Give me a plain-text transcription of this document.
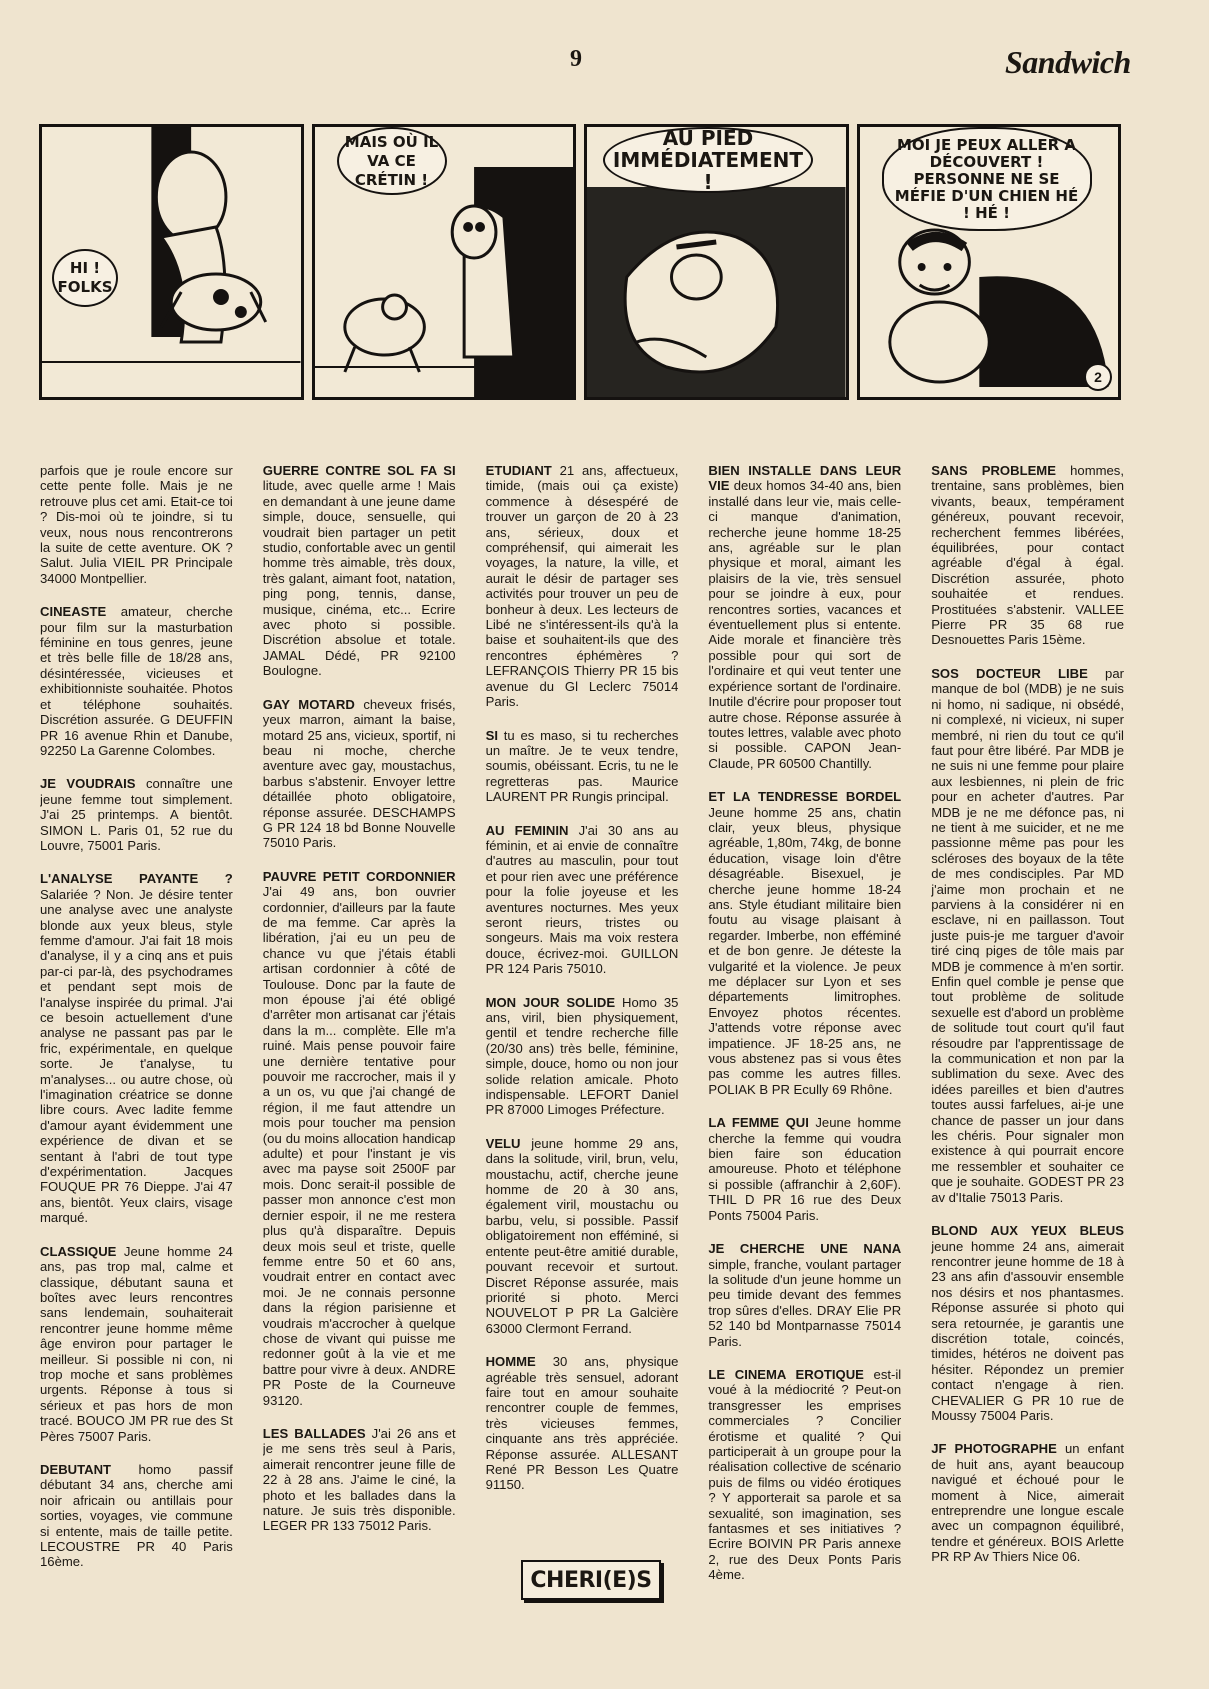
9	Sandwich
HI ! FOLKS
MAIS OÙ IL VA CE CRÉTIN !
AU PIED IMMÉDIATEMENT !
MOI JE PEUX ALLER A DÉCOUVERT ! PERSONNE NE SE MÉFIE D'UN CHIEN HÉ ! HÉ !
2

parfois que je roule encore sur cette pente folle. Mais je ne retrouve plus cet ami. Etait-ce toi ? Dis-moi où te joindre, si tu veux, nous nous rencontrerons la suite de cette aventure. OK ? Salut. Julia VIEIL PR Principale 34000 Montpellier.

CINEASTE amateur, cherche pour film sur la masturbation féminine en tous genres, jeune et très belle fille de 18/28 ans, désintéressée, vicieuses et exhibitionniste souhaitée. Photos et téléphone souhaités. Discrétion assurée. G DEUFFIN PR 16 avenue Rhin et Danube, 92250 La Garenne Colombes.

JE VOUDRAIS connaître une jeune femme tout simplement. J'ai 25 printemps. A bientôt. SIMON L. Paris 01, 52 rue du Louvre, 75001 Paris.

L'ANALYSE PAYANTE ? Salariée ? Non. Je désire tenter une analyse avec une analyste blonde aux yeux bleus, style femme d'amour. J'ai fait 18 mois d'analyse, il y a cinq ans et puis par-ci par-là, des psychodrames et pendant sept mois de l'analyse inspirée du primal. J'ai ce besoin actuellement d'une analyse ne passant pas par le fric, expérimentale, en quelque sorte. Je t'analyse, tu m'analyses... ou autre chose, où l'imagination créatrice se donne libre cours. Avec ladite femme d'amour ayant évidemment une expérience de divan et se sentant à l'abri de tout type d'expérimentation. Jacques FOUQUE PR 76 Dieppe. J'ai 47 ans, bientôt. Yeux clairs, visage marqué.

CLASSIQUE Jeune homme 24 ans, pas trop mal, calme et classique, débutant sauna et boîtes avec leurs rencontres sans lendemain, souhaiterait rencontrer jeune homme même âge environ pour partager le meilleur. Si possible ni con, ni trop moche et sans problèmes urgents. Réponse à tous si sérieux et pas hors de mon tracé. BOUCO JM PR rue des St Pères 75007 Paris.

DEBUTANT homo passif débutant 34 ans, cherche ami noir africain ou antillais pour sorties, voyages, vie commune si entente, mais de taille petite. LECOUSTRE PR 40 Paris 16ème.

GUERRE CONTRE SOL FA SI litude, avec quelle arme ! Mais en demandant à une jeune dame simple, douce, sensuelle, qui voudrait bien partager un petit studio, confortable avec un gentil homme très aimable, très doux, très galant, aimant foot, natation, ping pong, tennis, danse, musique, cinéma, etc... Ecrire avec photo si possible. Discrétion absolue et totale. JAMAL Dédé, PR 92100 Boulogne.

GAY MOTARD cheveux frisés, yeux marron, aimant la baise, motard 25 ans, vicieux, sportif, ni beau ni moche, cherche aventure avec gay, moustachus, barbus s'abstenir. Envoyer lettre détaillée photo obligatoire, réponse assurée. DESCHAMPS G PR 124 18 bd Bonne Nouvelle 75010 Paris.

PAUVRE PETIT CORDONNIER J'ai 49 ans, bon ouvrier cordonnier, d'ailleurs par la faute de ma femme. Car après la libération, j'ai eu un peu de chance vu que j'étais établi artisan cordonnier à côté de Toulouse. Donc par la faute de mon épouse j'ai été obligé d'arrêter mon artisanat car j'étais dans la m... complète. Elle m'a ruiné. Mais pense pouvoir faire une dernière tentative pour pouvoir me raccrocher, mais il y a un os, vu que j'ai changé de région, il me faut attendre un mois pour toucher ma pension (ou du moins allocation handicap adulte) et pour l'instant je vis avec ma payse soit 2500F par mois. Donc serait-il possible de passer mon annonce c'est mon dernier espoir, il ne me restera plus qu'à disparaître. Depuis deux mois seul et triste, quelle femme entre 50 et 60 ans, voudrait entrer en contact avec moi. Je ne connais personne dans la région parisienne et voudrais m'accrocher à quelque chose de vivant qui puisse me redonner goût à la vie et me battre pour vivre à deux. ANDRE PR Poste de la Courneuve 93120.

LES BALLADES J'ai 26 ans et je me sens très seul à Paris, aimerait rencontrer jeune fille de 22 à 28 ans. J'aime le ciné, la photo et les ballades dans la nature. Je suis très disponible. LEGER PR 133 75012 Paris.

ETUDIANT 21 ans, affectueux, timide, (mais oui ça existe) commence à désespéré de trouver un garçon de 20 à 23 ans, sérieux, doux et compréhensif, qui aimerait les voyages, la nature, la ville, et aurait le désir de partager ses activités pour trouver un peu de bonheur à deux. Les lecteurs de Libé ne s'intéressent-ils qu'à la baise et souhaitent-ils que des rencontres éphémères ? LEFRANÇOIS Thierry PR 15 bis avenue du Gl Leclerc 75014 Paris.

SI tu es maso, si tu recherches un maître. Je te veux tendre, soumis, obéissant. Ecris, tu ne le regretteras pas. Maurice LAURENT PR Rungis principal.

AU FEMININ J'ai 30 ans au féminin, et ai envie de connaître d'autres au masculin, pour tout et pour rien avec une préférence pour la folie joyeuse et les aventures nocturnes. Mes yeux seront rieurs, tristes ou songeurs. Mais ma voix restera douce, écrivez-moi. GUILLON PR 124 Paris 75010.

MON JOUR SOLIDE Homo 35 ans, viril, bien physiquement, gentil et tendre recherche fille (20/30 ans) très belle, féminine, simple, douce, homo ou non jour solide relation amicale. Photo indispensable. LEFORT Daniel PR 87000 Limoges Préfecture.

VELU jeune homme 29 ans, dans la solitude, viril, brun, velu, moustachu, actif, cherche jeune homme de 20 à 30 ans, également viril, moustachu ou barbu, velu, si possible. Passif obligatoirement non efféminé, si entente peut-être amitié durable, pouvant recevoir et surtout. Discret Réponse assurée, mais priorité si photo. Merci NOUVELOT P PR La Galcière 63000 Clermont Ferrand.

HOMME 30 ans, physique agréable très sensuel, adorant faire tout en amour souhaite rencontrer couple de femmes, très vicieuses femmes, cinquante ans très appréciée. Réponse assurée. ALLESANT René PR Besson Les Quatre 91150.

BIEN INSTALLE DANS LEUR VIE deux homos 34-40 ans, bien installé dans leur vie, mais celle-ci manque d'animation, recherche jeune homme 18-25 ans, agréable sur le plan physique et moral, aimant les plaisirs de la vie, très sensuel pour se joindre à eux, pour rencontres sorties, vacances et éventuellement plus si entente. Aide morale et financière très possible pour qui sort de l'ordinaire et qui veut tenter une expérience sortant de l'ordinaire. Inutile d'écrire pour proposer tout autre chose. Réponse assurée à toutes lettres, valable avec photo si possible. CAPON Jean-Claude, PR 60500 Chantilly.

ET LA TENDRESSE BORDEL Jeune homme 25 ans, chatin clair, yeux bleus, physique agréable, 1,80m, 74kg, de bonne éducation, visage loin d'être désagréable. Bisexuel, je cherche jeune homme 18-24 ans. Style étudiant militaire bien foutu au visage plaisant à regarder. Imberbe, non efféminé et de bon genre. Je déteste la vulgarité et la violence. Je peux me déplacer sur Lyon et ses départements limitrophes. Envoyez photos récentes. J'attends votre réponse avec impatience. JF 18-25 ans, ne vous abstenez pas si vous êtes pas comme les autres filles. POLIAK B PR Ecully 69 Rhône.

LA FEMME QUI Jeune homme cherche la femme qui voudra bien faire son éducation amoureuse. Photo et téléphone si possible (affranchir à 2,60F). THIL D PR 16 rue des Deux Ponts 75004 Paris.

JE CHERCHE UNE NANA simple, franche, voulant partager la solitude d'un jeune homme un peu timide devant des femmes trop sûres d'elles. DRAY Elie PR 52 140 bd Montparnasse 75014 Paris.

LE CINEMA EROTIQUE est-il voué à la médiocrité ? Peut-on transgresser les emprises commerciales ? Concilier érotisme et qualité ? Qui participerait à un groupe pour la réalisation collective de scénario puis de films ou vidéo érotiques ? Y apporterait sa parole et sa sexualité, son imagination, ses fantasmes et ses initiatives ? Ecrire BOIVIN PR Paris annexe 2, rue des Deux Ponts Paris 4ème.

SANS PROBLEME hommes, trentaine, sans problèmes, bien vivants, beaux, tempérament généreux, pouvant recevoir, recherchent femmes libérées, équilibrées, pour contact agréable d'égal à égal. Discrétion assurée, photo souhaitée et rendues. Prostituées s'abstenir. VALLEE Pierre PR 35 68 rue Desnouettes Paris 15ème.

SOS DOCTEUR LIBE par manque de bol (MDB) je ne suis ni homo, ni sadique, ni obsédé, ni complexé, ni vicieux, ni super membré, ni rien du tout ce qu'il faut pour être libéré. Par MDB je ne suis ni une femme pour plaire aux lesbiennes, ni plein de fric pour en acheter d'autres. Par MDB je ne me défonce pas, ni ne tient à me suicider, et ne me passionne même pas pour les scléroses des boyaux de la tête de mes condisciples. Par MD j'aime mon prochain et ne parviens à la considérer ni en esclave, ni en paillasson. Tout juste puis-je me targuer d'avoir tiré cinq piges de tôle mais par MDB je commence à m'en sortir. Enfin quel comble je pense que tout problème de solitude sexuelle est d'abord un problème de solitude tout court qu'il faut résoudre par l'apprentissage de la communication et non par la sublimation du sexe. Avec des idées pareilles et bien d'autres toutes aussi farfelues, ai-je une chance de passer un jour dans les chéris. Pour signaler mon existence à qui pourrait encore me ressembler et souhaiter ce que je souhaite. GODEST PR 23 av d'Italie 75013 Paris.

BLOND AUX YEUX BLEUS jeune homme 24 ans, aimerait rencontrer jeune homme de 18 à 23 ans afin d'assouvir ensemble nos désirs et nos phantasmes. Réponse assurée si photo qui sera retournée, je garantis une discrétion totale, coincés, timides, hétéros ne doivent pas hésiter. Répondez un premier contact n'engage à rien. CHEVALIER G PR 10 rue de Moussy 75004 Paris.

JF PHOTOGRAPHE un enfant de huit ans, ayant beaucoup navigué et échoué pour le moment à Nice, aimerait entreprendre une longue escale avec un compagnon équilibré, tendre et généreux. BOIS Arlette PR RP Av Thiers Nice 06.

CHERI(E)S
